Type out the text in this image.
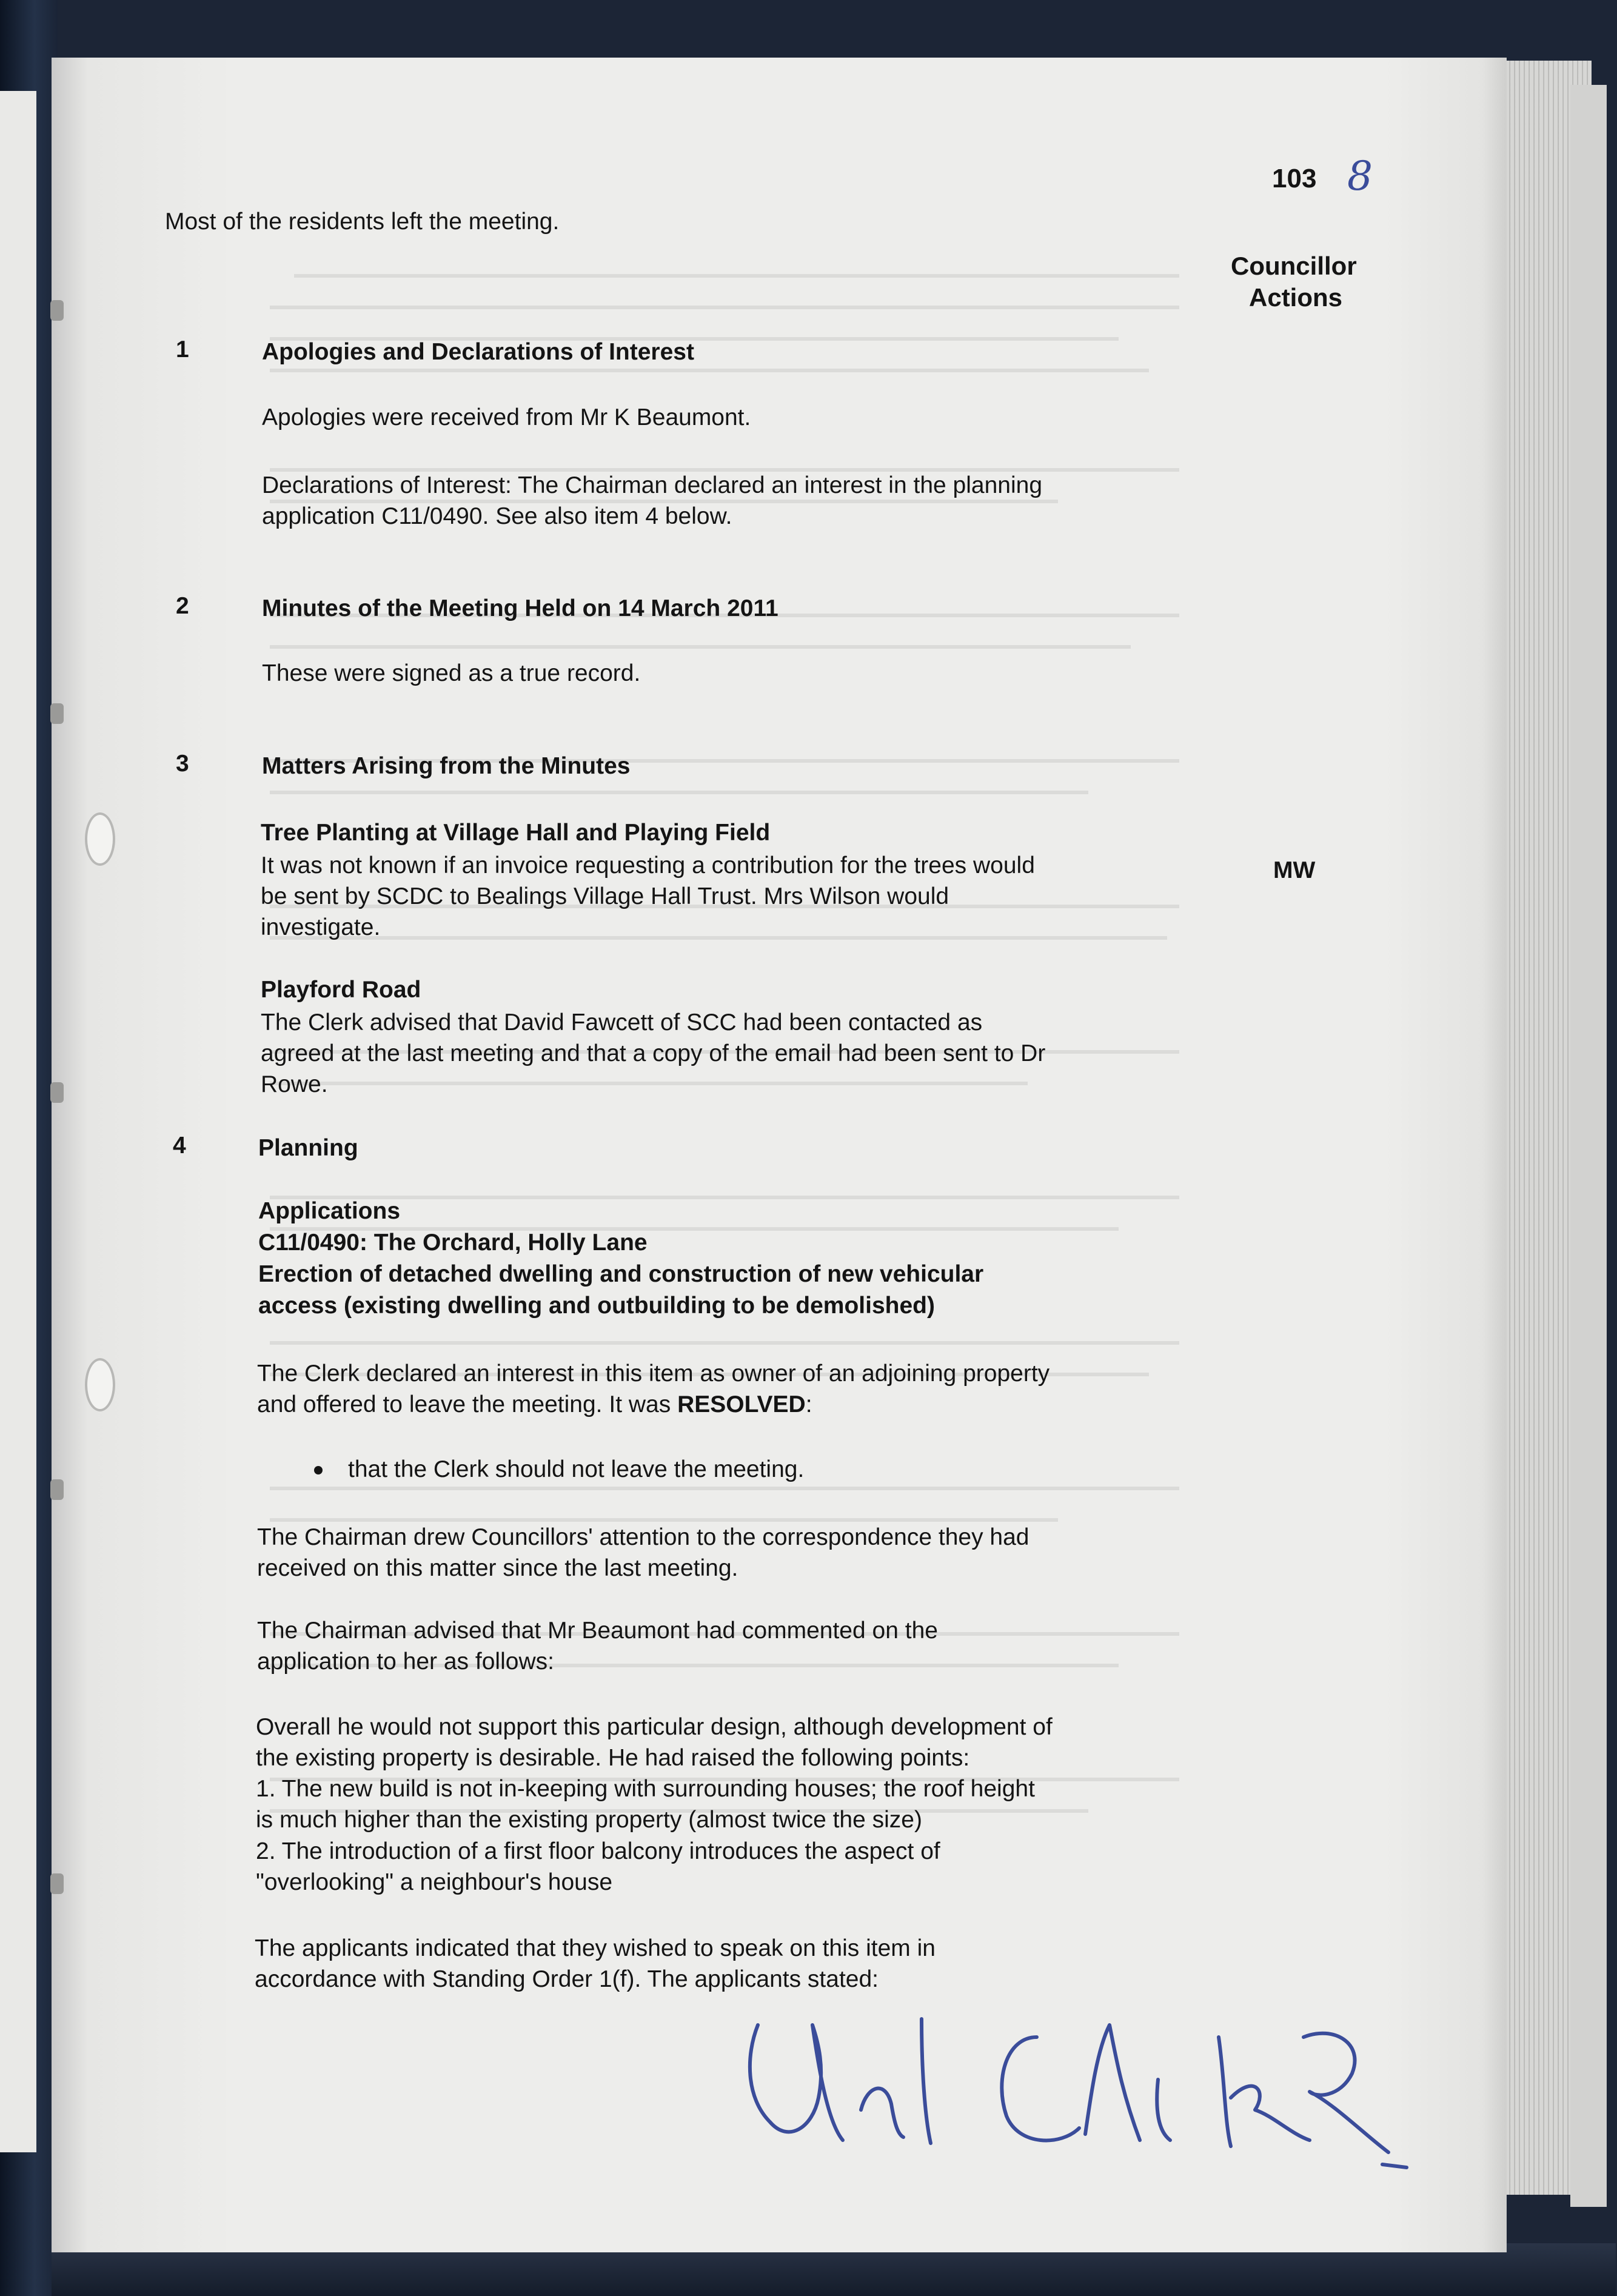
103 8
Most of the residents left the meeting.
Councillor
Actions
1	Apologies and Declarations of Interest
Apologies were received from Mr K Beaumont.
Declarations of Interest: The Chairman declared an interest in the planning
application C11/0490. See also item 4 below.
2	Minutes of the Meeting Held on 14 March 2011
These were signed as a true record.
3	Matters Arising from the Minutes
Tree Planting at Village Hall and Playing Field
It was not known if an invoice requesting a contribution for the trees would
be sent by SCDC to Bealings Village Hall Trust. Mrs Wilson would
investigate.
MW
Playford Road
The Clerk advised that David Fawcett of SCC had been contacted as
agreed at the last meeting and that a copy of the email had been sent to Dr
Rowe.
4	Planning
Applications
C11/0490: The Orchard, Holly Lane
Erection of detached dwelling and construction of new vehicular
access (existing dwelling and outbuilding to be demolished)
The Clerk declared an interest in this item as owner of an adjoining property
and offered to leave the meeting. It was RESOLVED:
that the Clerk should not leave the meeting.
The Chairman drew Councillors' attention to the correspondence they had
received on this matter since the last meeting.
The Chairman advised that Mr Beaumont had commented on the
application to her as follows:
Overall he would not support this particular design, although development of
the existing property is desirable. He had raised the following points:
1. The new build is not in-keeping with surrounding houses; the roof height
is much higher than the existing property (almost twice the size)
2. The introduction of a first floor balcony introduces the aspect of
"overlooking" a neighbour's house
The applicants indicated that they wished to speak on this item in
accordance with Standing Order 1(f). The applicants stated:
